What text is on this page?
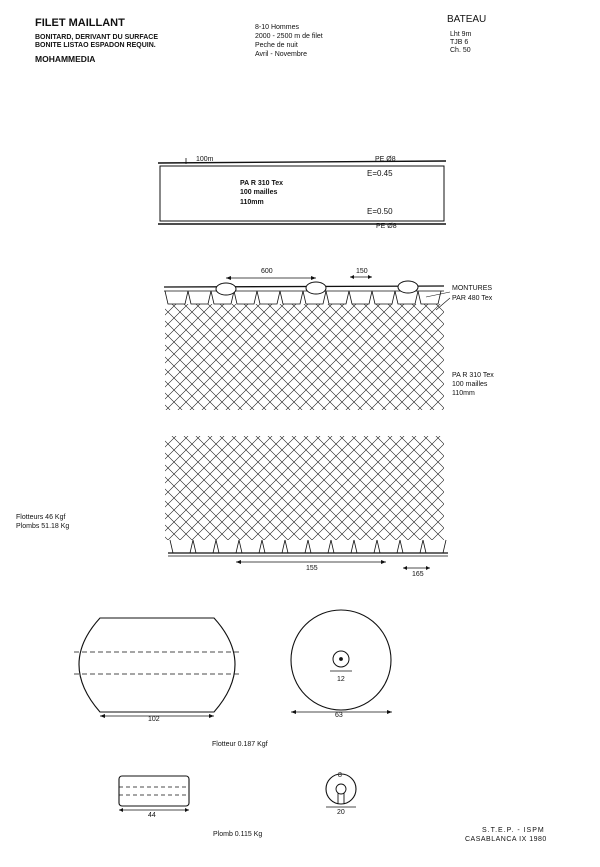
FILET MAILLANT
BONITARD, DERIVANT DU SURFACE
BONITE LISTAO ESPADON REQUIN.
MOHAMMEDIA
8-10 Hommes
2000 - 2500 m de filet
Peche de nuit
Avril - Novembre
BATEAU
Lht 9m
TJB 6
Ch. 50
100m	PE Ø8
E=0.45
PA R 310 Tex
100 mailles
110mm
E=0.50
PE Ø8
600	150
MONTURES
PAR 480 Tex
PA R 310 Tex
100 mailles
110mm
Flotteurs 46 Kgf
Plombs 51.18 Kg
155
165
102
63
12
Flotteur 0.187 Kgf
44
8
20
Plomb 0.115 Kg
S.T.E.P. - ISPM
CASABLANCA IX 1980
